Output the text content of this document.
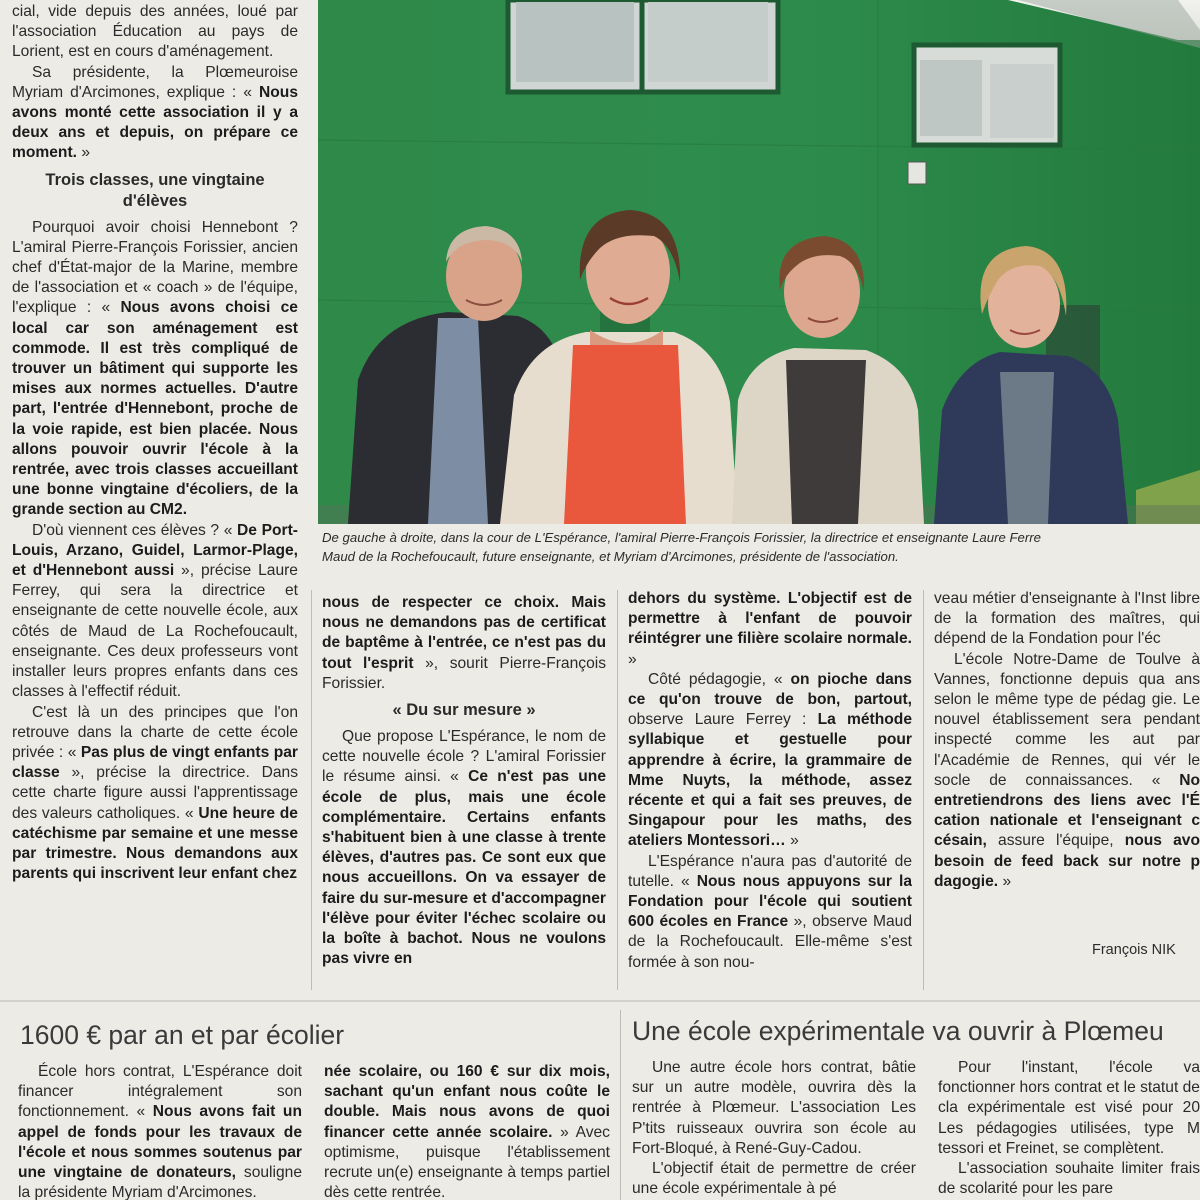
cial, vide depuis des années, loué par l'association Éducation au pays de Lorient, est en cours d'aménagement.

Sa présidente, la Plœmeuroise Myriam d'Arcimones, explique : « Nous avons monté cette association il y a deux ans et depuis, on prépare ce moment. »

Trois classes, une vingtaine d'élèves

Pourquoi avoir choisi Hennebont ? L'amiral Pierre-François Forissier, ancien chef d'État-major de la Marine, membre de l'association et « coach » de l'équipe, l'explique : « Nous avons choisi ce local car son aménagement est commode. Il est très compliqué de trouver un bâtiment qui supporte les mises aux normes actuelles. D'autre part, l'entrée d'Hennebont, proche de la voie rapide, est bien placée. Nous allons pouvoir ouvrir l'école à la rentrée, avec trois classes accueillant une bonne vingtaine d'écoliers, de la grande section au CM2.

D'où viennent ces élèves ? « De Port-Louis, Arzano, Guidel, Larmor-Plage, et d'Hennebont aussi », précise Laure Ferrey, qui sera la directrice et enseignante de cette nouvelle école, aux côtés de Maud de La Rochefoucault, enseignante. Ces deux professeurs vont installer leurs propres enfants dans ces classes à l'effectif réduit.

C'est là un des principes que l'on retrouve dans la charte de cette école privée : « Pas plus de vingt enfants par classe », précise la directrice. Dans cette charte figure aussi l'apprentissage des valeurs catholiques. « Une heure de catéchisme par semaine et une messe par trimestre. Nous demandons aux parents qui inscrivent leur enfant chez

De gauche à droite, dans la cour de L'Espérance, l'amiral Pierre-François Forissier, la directrice et enseignante Laure Ferre
Maud de la Rochefoucault, future enseignante, et Myriam d'Arcimones, présidente de l'association.

nous de respecter ce choix. Mais nous ne demandons pas de certificat de baptême à l'entrée, ce n'est pas du tout l'esprit », sourit Pierre-François Forissier.

« Du sur mesure »

Que propose L'Espérance, le nom de cette nouvelle école ? L'amiral Forissier le résume ainsi. « Ce n'est pas une école de plus, mais une école complémentaire. Certains enfants s'habituent bien à une classe à trente élèves, d'autres pas. Ce sont eux que nous accueillons. On va essayer de faire du sur-mesure et d'accompagner l'élève pour éviter l'échec scolaire ou la boîte à bachot. Nous ne voulons pas vivre en

dehors du système. L'objectif est de permettre à l'enfant de pouvoir réintégrer une filière scolaire normale. »

Côté pédagogie, « on pioche dans ce qu'on trouve de bon, partout, observe Laure Ferrey : La méthode syllabique et gestuelle pour apprendre à écrire, la grammaire de Mme Nuyts, la méthode, assez récente et qui a fait ses preuves, de Singapour pour les maths, des ateliers Montessori… »

L'Espérance n'aura pas d'autorité de tutelle. « Nous nous appuyons sur la Fondation pour l'école qui soutient 600 écoles en France », observe Maud de la Rochefoucault. Elle-même s'est formée à son nou-

veau métier d'enseignante à l'Inst libre de la formation des maîtres, qui dépend de la Fondation pour l'éc

L'école Notre-Dame de Toulve à Vannes, fonctionne depuis qua ans selon le même type de pédag gie. Le nouvel établissement sera pendant inspecté comme les aut par l'Académie de Rennes, qui vér le socle de connaissances. « No entretiendrons des liens avec l'É cation nationale et l'enseignant c césain, assure l'équipe, nous avo besoin de feed back sur notre p dagogie. »

François NIK
1600 € par an et par écolier

École hors contrat, L'Espérance doit financer intégralement son fonctionnement. « Nous avons fait un appel de fonds pour les travaux de l'école et nous sommes soutenus par une vingtaine de donateurs, souligne la présidente Myriam d'Arcimones.

née scolaire, ou 160 € sur dix mois, sachant qu'un enfant nous coûte le double. Mais nous avons de quoi financer cette année scolaire. » Avec optimisme, puisque l'établissement recrute un(e) enseignante à temps partiel dès cette rentrée.

Une école expérimentale va ouvrir à Plœmeu

Une autre école hors contrat, bâtie sur un autre modèle, ouvrira dès la rentrée à Plœmeur. L'association Les P'tits ruisseaux ouvrira son école au Fort-Bloqué, à René-Guy-Cadou.

L'objectif était de permettre de créer une école expérimentale à pé

Pour l'instant, l'école va fonctionner hors contrat et le statut de cla expérimentale est visé pour 20 Les pédagogies utilisées, type M tessori et Freinet, se complètent.

L'association souhaite limiter frais de scolarité pour les pare
